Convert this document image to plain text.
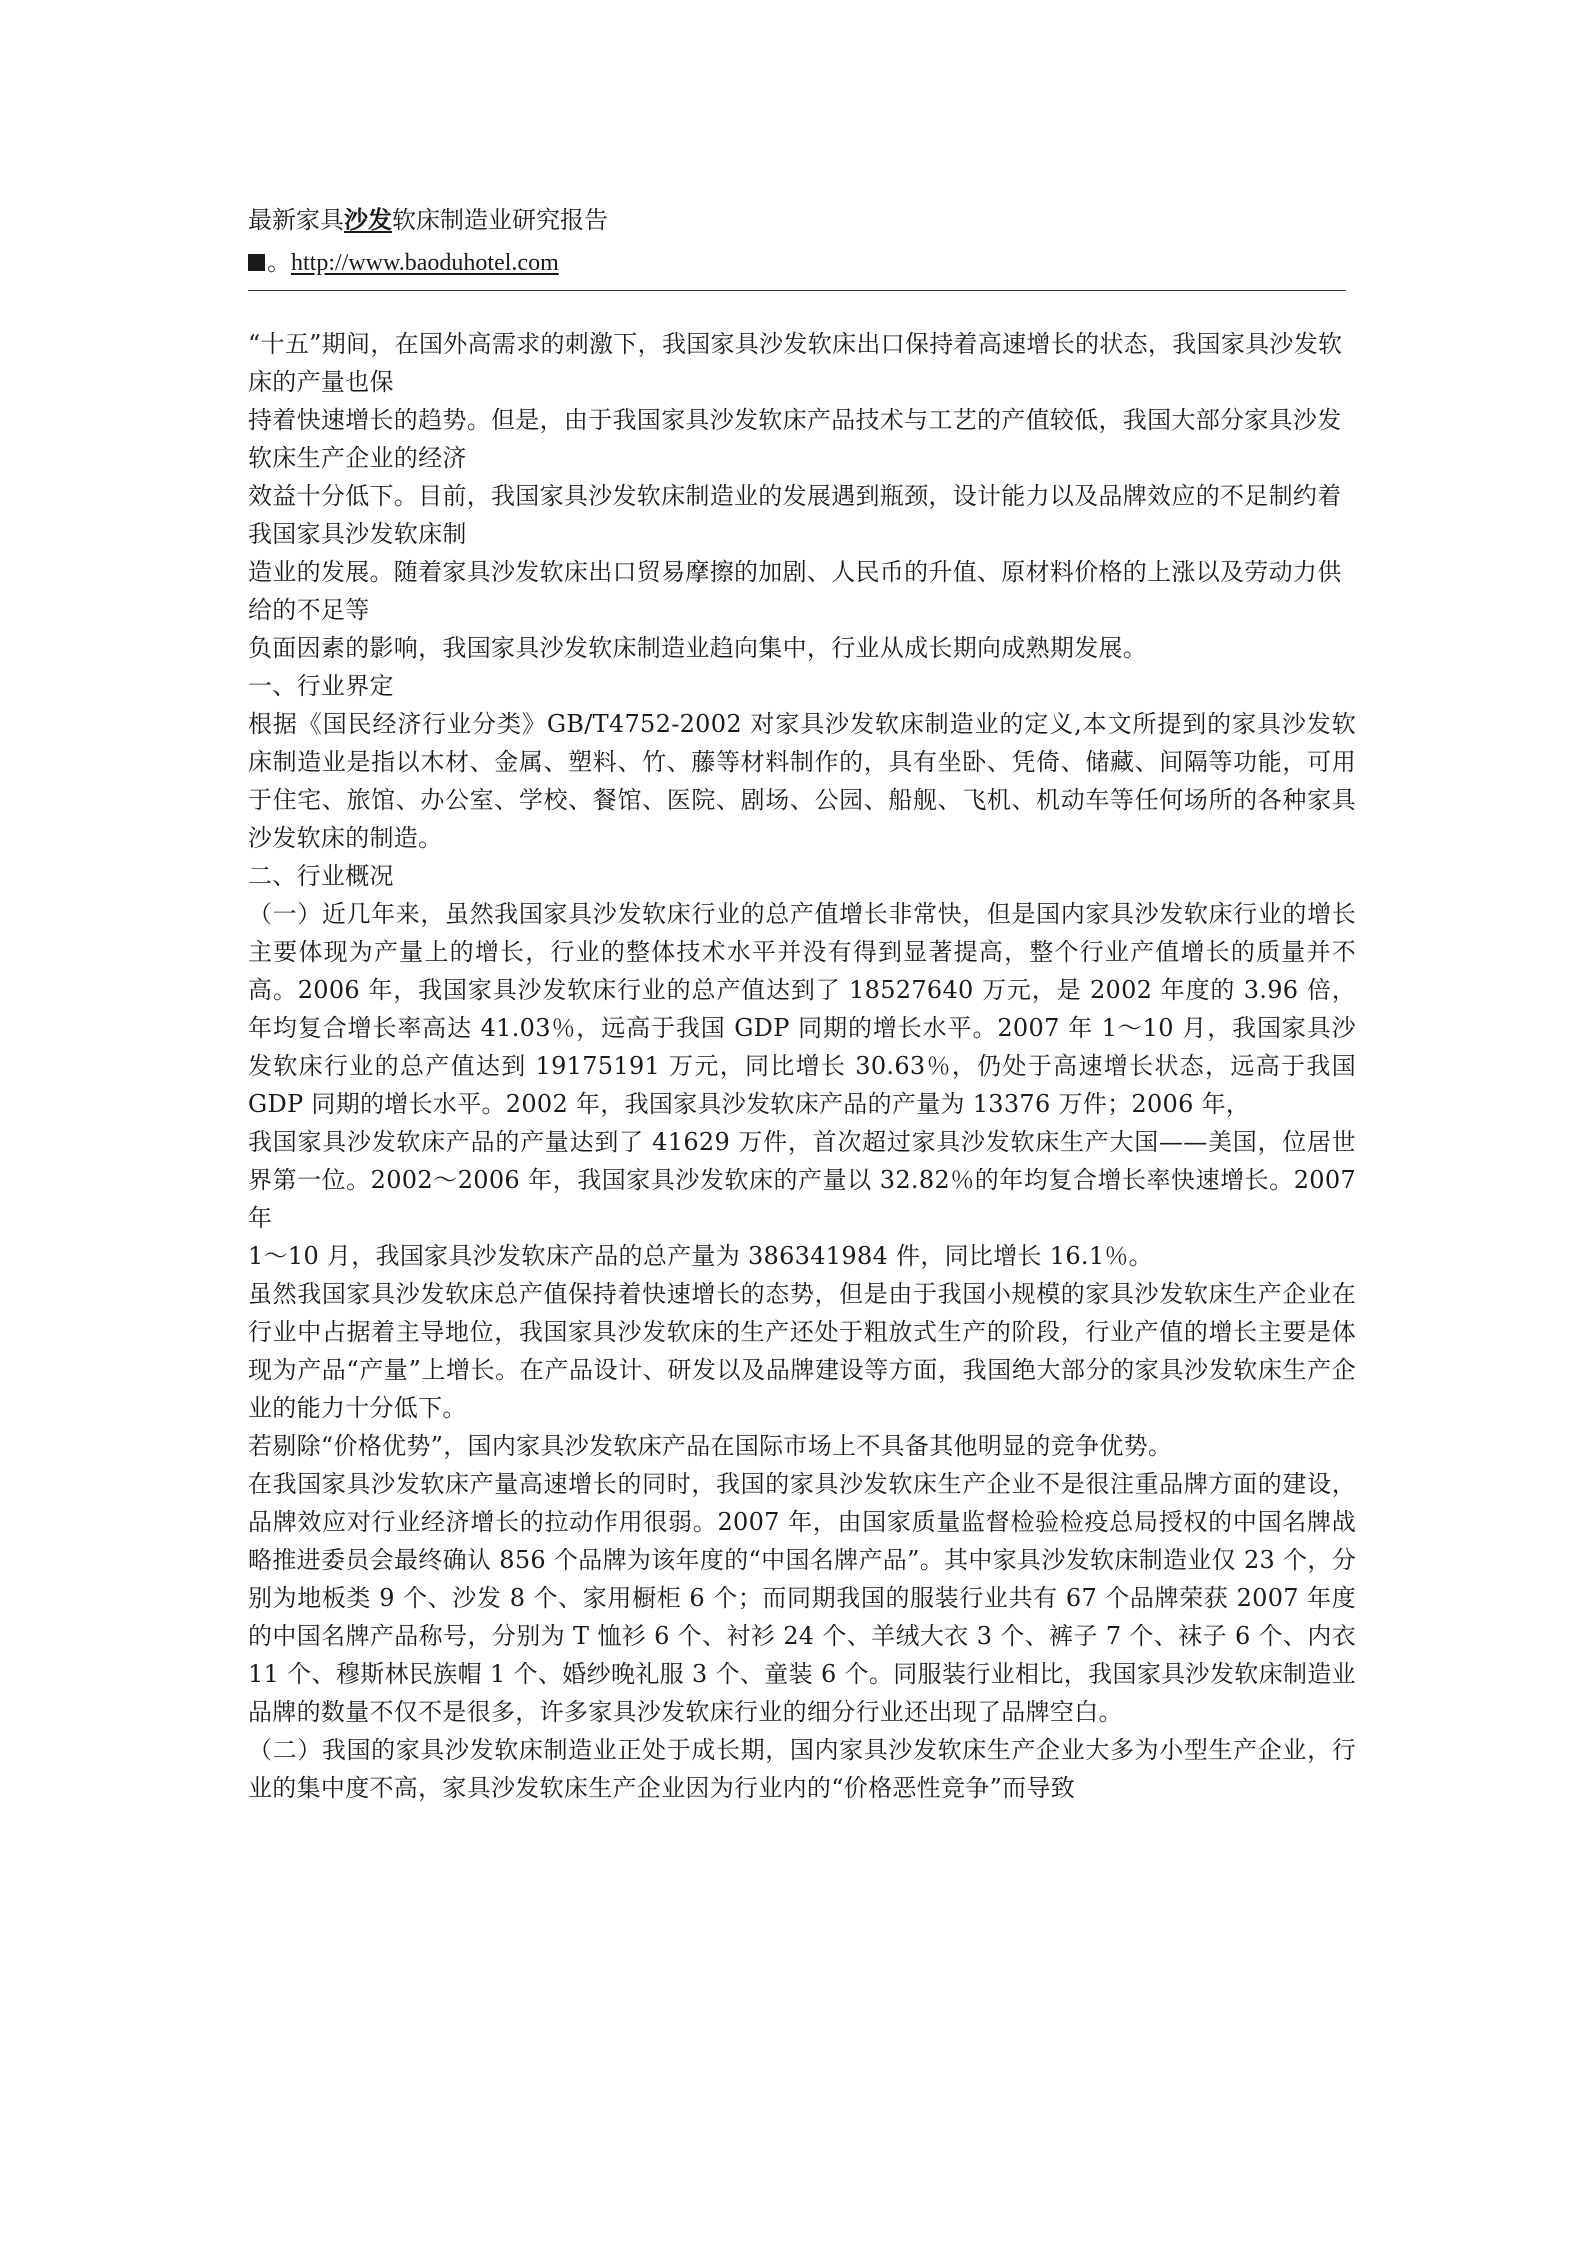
最新家具沙发软床制造业研究报告
。http://www.baoduhotel.com

“十五”期间，在国外高需求的刺激下，我国家具沙发软床出口保持着高速增长的状态，我国家具沙发软床的产量也保

持着快速增长的趋势。但是，由于我国家具沙发软床产品技术与工艺的产值较低，我国大部分家具沙发软床生产企业的经济

效益十分低下。目前，我国家具沙发软床制造业的发展遇到瓶颈，设计能力以及品牌效应的不足制约着我国家具沙发软床制

造业的发展。随着家具沙发软床出口贸易摩擦的加剧、人民币的升值、原材料价格的上涨以及劳动力供给的不足等

负面因素的影响，我国家具沙发软床制造业趋向集中，行业从成长期向成熟期发展。

一、行业界定

根据《国民经济行业分类》GB/T4752-2002 对家具沙发软床制造业的定义,本文所提到的家具沙发软床制造业是指以木材、金属、塑料、竹、藤等材料制作的，具有坐卧、凭倚、储藏、间隔等功能，可用于住宅、旅馆、办公室、学校、餐馆、医院、剧场、公园、船舰、飞机、机动车等任何场所的各种家具沙发软床的制造。

二、行业概况

（一）近几年来，虽然我国家具沙发软床行业的总产值增长非常快，但是国内家具沙发软床行业的增长主要体现为产量上的增长，行业的整体技术水平并没有得到显著提高，整个行业产值增长的质量并不高。2006 年，我国家具沙发软床行业的总产值达到了 18527640 万元，是 2002 年度的 3.96 倍，年均复合增长率高达 41.03％，远高于我国 GDP 同期的增长水平。2007 年 1～10 月，我国家具沙发软床行业的总产值达到 19175191 万元，同比增长 30.63％，仍处于高速增长状态，远高于我国 GDP 同期的增长水平。2002 年，我国家具沙发软床产品的产量为 13376 万件；2006 年，

我国家具沙发软床产品的产量达到了 41629 万件，首次超过家具沙发软床生产大国——美国，位居世界第一位。2002～2006 年，我国家具沙发软床的产量以 32.82％的年均复合增长率快速增长。2007 年

1～10 月，我国家具沙发软床产品的总产量为 386341984 件，同比增长 16.1％。

虽然我国家具沙发软床总产值保持着快速增长的态势，但是由于我国小规模的家具沙发软床生产企业在行业中占据着主导地位，我国家具沙发软床的生产还处于粗放式生产的阶段，行业产值的增长主要是体现为产品“产量”上增长。在产品设计、研发以及品牌建设等方面，我国绝大部分的家具沙发软床生产企业的能力十分低下。

若剔除“价格优势”，国内家具沙发软床产品在国际市场上不具备其他明显的竞争优势。

在我国家具沙发软床产量高速增长的同时，我国的家具沙发软床生产企业不是很注重品牌方面的建设，品牌效应对行业经济增长的拉动作用很弱。2007 年，由国家质量监督检验检疫总局授权的中国名牌战略推进委员会最终确认 856 个品牌为该年度的“中国名牌产品”。其中家具沙发软床制造业仅 23 个，分别为地板类 9 个、沙发 8 个、家用橱柜 6 个；而同期我国的服装行业共有 67 个品牌荣获 2007 年度的中国名牌产品称号，分别为 T 恤衫 6 个、衬衫 24 个、羊绒大衣 3 个、裤子 7 个、袜子 6 个、内衣 11 个、穆斯林民族帽 1 个、婚纱晚礼服 3 个、童装 6 个。同服装行业相比，我国家具沙发软床制造业品牌的数量不仅不是很多，许多家具沙发软床行业的细分行业还出现了品牌空白。

（二）我国的家具沙发软床制造业正处于成长期，国内家具沙发软床生产企业大多为小型生产企业，行业的集中度不高，家具沙发软床生产企业因为行业内的“价格恶性竞争”而导致
